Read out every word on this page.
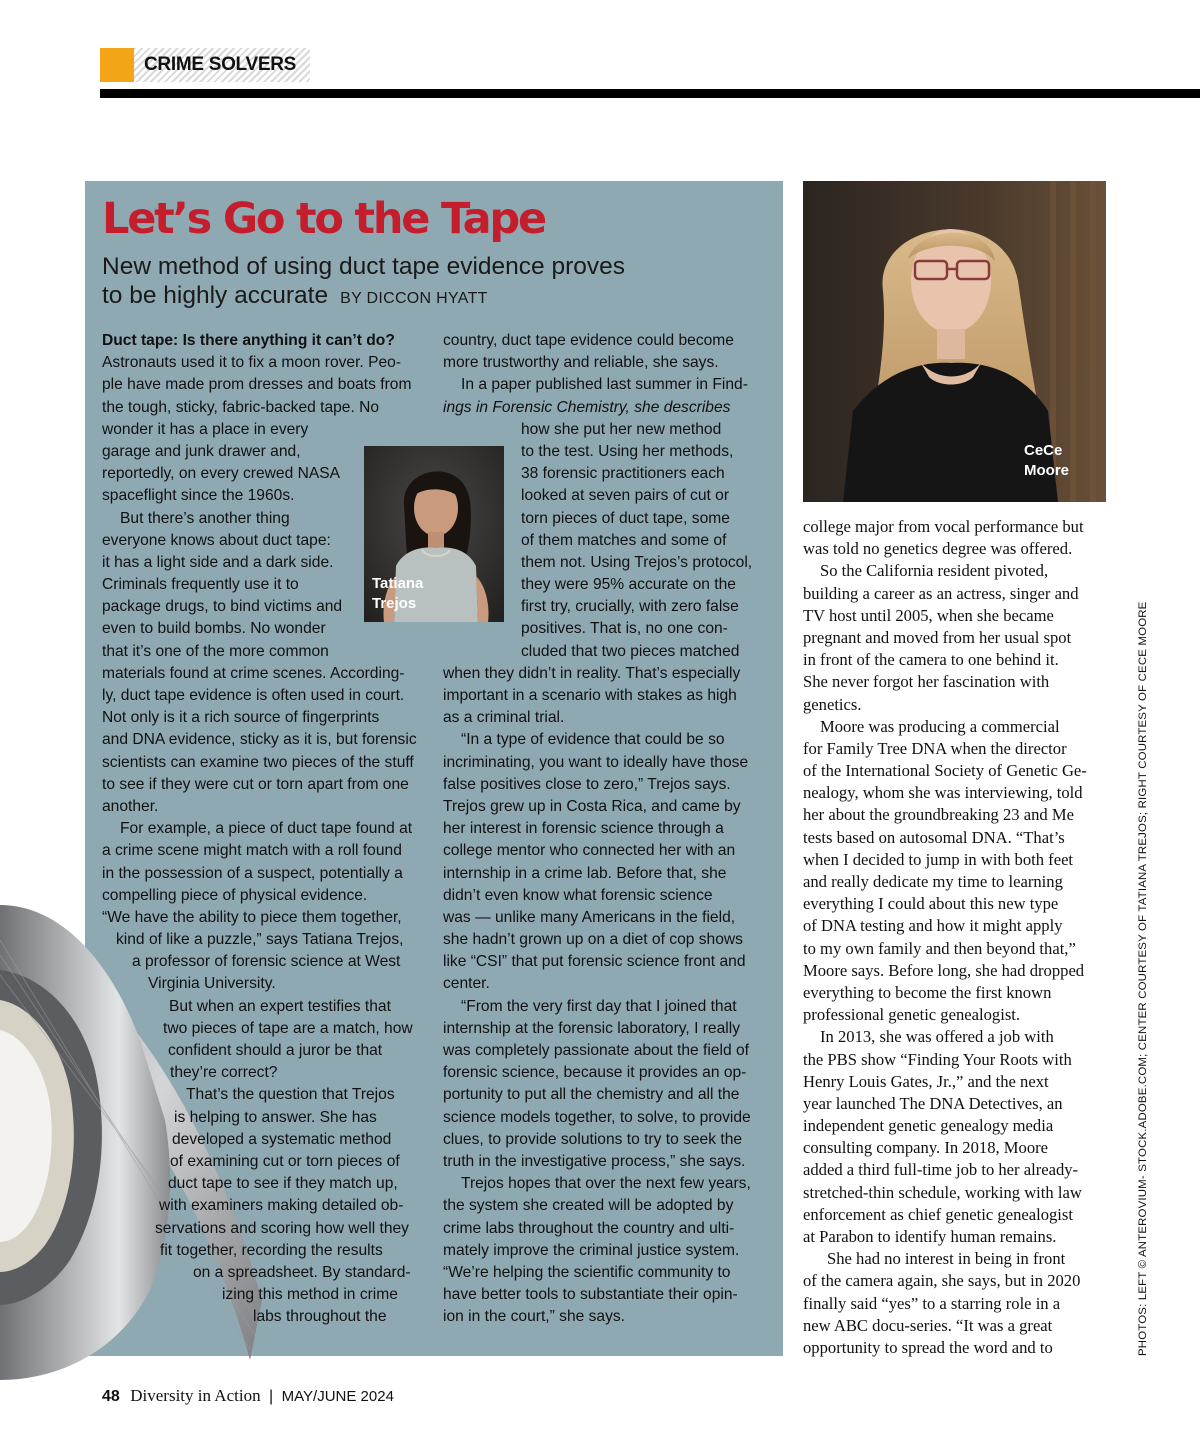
CRIME SOLVERS
Let’s Go to the Tape
New method of using duct tape evidence proves
to be highly accurate BY DICCON HYATT
Duct tape: Is there anything it can’t do?
Astronauts used it to fix a moon rover. Peo-
ple have made prom dresses and boats from
the tough, sticky, fabric-backed tape. No
wonder it has a place in every
garage and junk drawer and,
reportedly, on every crewed NASA
spaceflight since the 1960s.
But there’s another thing
everyone knows about duct tape:
it has a light side and a dark side.
Criminals frequently use it to
package drugs, to bind victims and
even to build bombs. No wonder
that it’s one of the more common
materials found at crime scenes. According-
ly, duct tape evidence is often used in court.
Not only is it a rich source of fingerprints
and DNA evidence, sticky as it is, but forensic
scientists can examine two pieces of the stuff
to see if they were cut or torn apart from one
another.
For example, a piece of duct tape found at
a crime scene might match with a roll found
in the possession of a suspect, potentially a
compelling piece of physical evidence.
“We have the ability to piece them together,
kind of like a puzzle,” says Tatiana Trejos,
a professor of forensic science at West
Virginia University.
But when an expert testifies that
two pieces of tape are a match, how
confident should a juror be that
they’re correct?
That’s the question that Trejos
is helping to answer. She has
developed a systematic method
of examining cut or torn pieces of
duct tape to see if they match up,
with examiners making detailed ob-
servations and scoring how well they
fit together, recording the results
on a spreadsheet. By standard-
izing this method in crime
labs throughout the
Tatiana
Trejos
country, duct tape evidence could become
more trustworthy and reliable, she says.
In a paper published last summer in Find-
ings in Forensic Chemistry, she describes
how she put her new method
to the test. Using her methods,
38 forensic practitioners each
looked at seven pairs of cut or
torn pieces of duct tape, some
of them matches and some of
them not. Using Trejos’s protocol,
they were 95% accurate on the
first try, crucially, with zero false
positives. That is, no one con-
cluded that two pieces matched
when they didn’t in reality. That’s especially
important in a scenario with stakes as high
as a criminal trial.
“In a type of evidence that could be so
incriminating, you want to ideally have those
false positives close to zero,” Trejos says.
Trejos grew up in Costa Rica, and came by
her interest in forensic science through a
college mentor who connected her with an
internship in a crime lab. Before that, she
didn’t even know what forensic science
was — unlike many Americans in the field,
she hadn’t grown up on a diet of cop shows
like “CSI” that put forensic science front and
center.
“From the very first day that I joined that
internship at the forensic laboratory, I really
was completely passionate about the field of
forensic science, because it provides an op-
portunity to put all the chemistry and all the
science models together, to solve, to provide
clues, to provide solutions to try to seek the
truth in the investigative process,” she says.
Trejos hopes that over the next few years,
the system she created will be adopted by
crime labs throughout the country and ulti-
mately improve the criminal justice system.
“We’re helping the scientific community to
have better tools to substantiate their opin-
ion in the court,” she says.
CeCe
Moore
college major from vocal performance but
was told no genetics degree was offered.
So the California resident pivoted,
building a career as an actress, singer and
TV host until 2005, when she became
pregnant and moved from her usual spot
in front of the camera to one behind it.
She never forgot her fascination with
genetics.
Moore was producing a commercial
for Family Tree DNA when the director
of the International Society of Genetic Ge-
nealogy, whom she was interviewing, told
her about the groundbreaking 23 and Me
tests based on autosomal DNA. “That’s
when I decided to jump in with both feet
and really dedicate my time to learning
everything I could about this new type
of DNA testing and how it might apply
to my own family and then beyond that,”
Moore says. Before long, she had dropped
everything to become the first known
professional genetic genealogist.
In 2013, she was offered a job with
the PBS show “Finding Your Roots with
Henry Louis Gates, Jr.,” and the next
year launched The DNA Detectives, an
independent genetic genealogy media
consulting company. In 2018, Moore
added a third full-time job to her already-
stretched-thin schedule, working with law
enforcement as chief genetic genealogist
at Parabon to identify human remains.
She had no interest in being in front
of the camera again, she says, but in 2020
finally said “yes” to a starring role in a
new ABC docu-series. “It was a great
opportunity to spread the word and to	PHOTOS: LEFT © ANTEROVIUM- STOCK.ADOBE.COM; CENTER COURTESY OF TATIANA TREJOS; RIGHT COURTESY OF CECE MOORE
48 Diversity in Action | MAY/JUNE 2024
